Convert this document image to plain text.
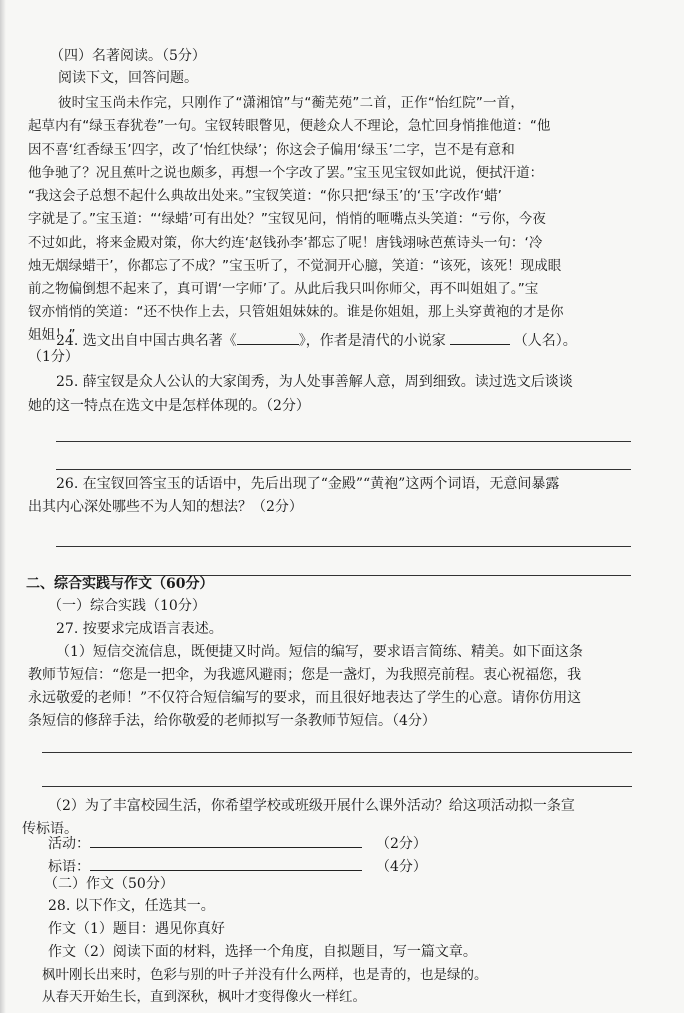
（四）名著阅读。（5分）
阅读下文，回答问题。
彼时宝玉尚未作完，只刚作了“潇湘馆”与“蘅芜苑”二首，正作“怡红院”一首，
起草内有“绿玉春犹卷”一句。宝钗转眼瞥见，便趁众人不理论，急忙回身悄推他道：“他
因不喜‘红香绿玉’四字，改了‘怡红快绿’；你这会子偏用‘绿玉’二字，岂不是有意和
他争驰了？况且蕉叶之说也颇多，再想一个字改了罢。”宝玉见宝钗如此说，便拭汗道：
“我这会子总想不起什么典故出处来。”宝钗笑道：“你只把‘绿玉’的‘玉’字改作‘蜡’
字就是了。”宝玉道：“‘绿蜡’可有出处？”宝钗见问，悄悄的咂嘴点头笑道：“亏你，今夜
不过如此，将来金殿对策，你大约连‘赵钱孙李’都忘了呢！唐钱翊咏芭蕉诗头一句：‘冷
烛无烟绿蜡干’，你都忘了不成？”宝玉听了，不觉洞开心臆，笑道：“该死，该死！现成眼
前之物偏倒想不起来了，真可谓‘一字师’了。从此后我只叫你师父，再不叫姐姐了。”宝
钗亦悄悄的笑道：“还不快作上去，只管姐姐妹妹的。谁是你姐姐，那上头穿黄袍的才是你
姐姐！”
24. 选文出自中国古典名著《	》，作者是清代的小说家	（人名）。
（1分）
25. 薛宝钗是众人公认的大家闺秀，为人处事善解人意，周到细致。读过选文后谈谈
她的这一特点在选文中是怎样体现的。（2分）
26. 在宝钗回答宝玉的话语中，先后出现了“金殿”“黄袍”这两个词语，无意间暴露
出其内心深处哪些不为人知的想法？（2分）
二、综合实践与作文（60分）
（一）综合实践（10分）
27. 按要求完成语言表述。
（1）短信交流信息，既便捷又时尚。短信的编写，要求语言简练、精美。如下面这条
教师节短信：“您是一把伞，为我遮风避雨；您是一盏灯，为我照亮前程。衷心祝福您，我
永远敬爱的老师！”不仅符合短信编写的要求，而且很好地表达了学生的心意。请你仿用这
条短信的修辞手法，给你敬爱的老师拟写一条教师节短信。（4分）
（2）为了丰富校园生活，你希望学校或班级开展什么课外活动？给这项活动拟一条宣
传标语。
活动：	（2分）
标语：	（4分）
（二）作文（50分）
28. 以下作文，任选其一。
作文（1）题目：遇见你真好
作文（2）阅读下面的材料，选择一个角度，自拟题目，写一篇文章。
枫叶刚长出来时，色彩与别的叶子并没有什么两样，也是青的，也是绿的。
从春天开始生长，直到深秋，枫叶才变得像火一样红。
